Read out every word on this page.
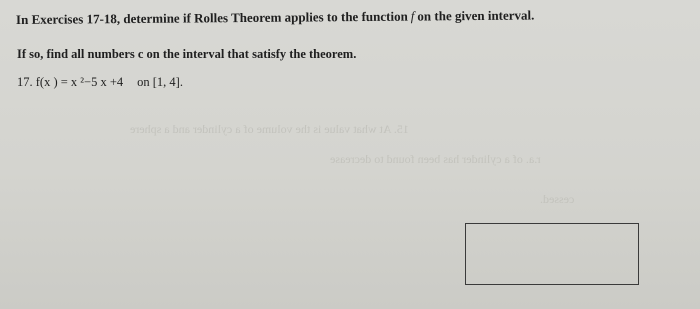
In Exercises 17-18, determine if Rolles Theorem applies to the function f on the given interval.
If so, find all numbers c on the interval that satisfy the theorem.
17. f(x ) = x ²−5 x +4 on [1, 4].
15. At what value is the volume of a cylinder and a sphere
r.a. of a cylinder has been found to decrease
cessed.
